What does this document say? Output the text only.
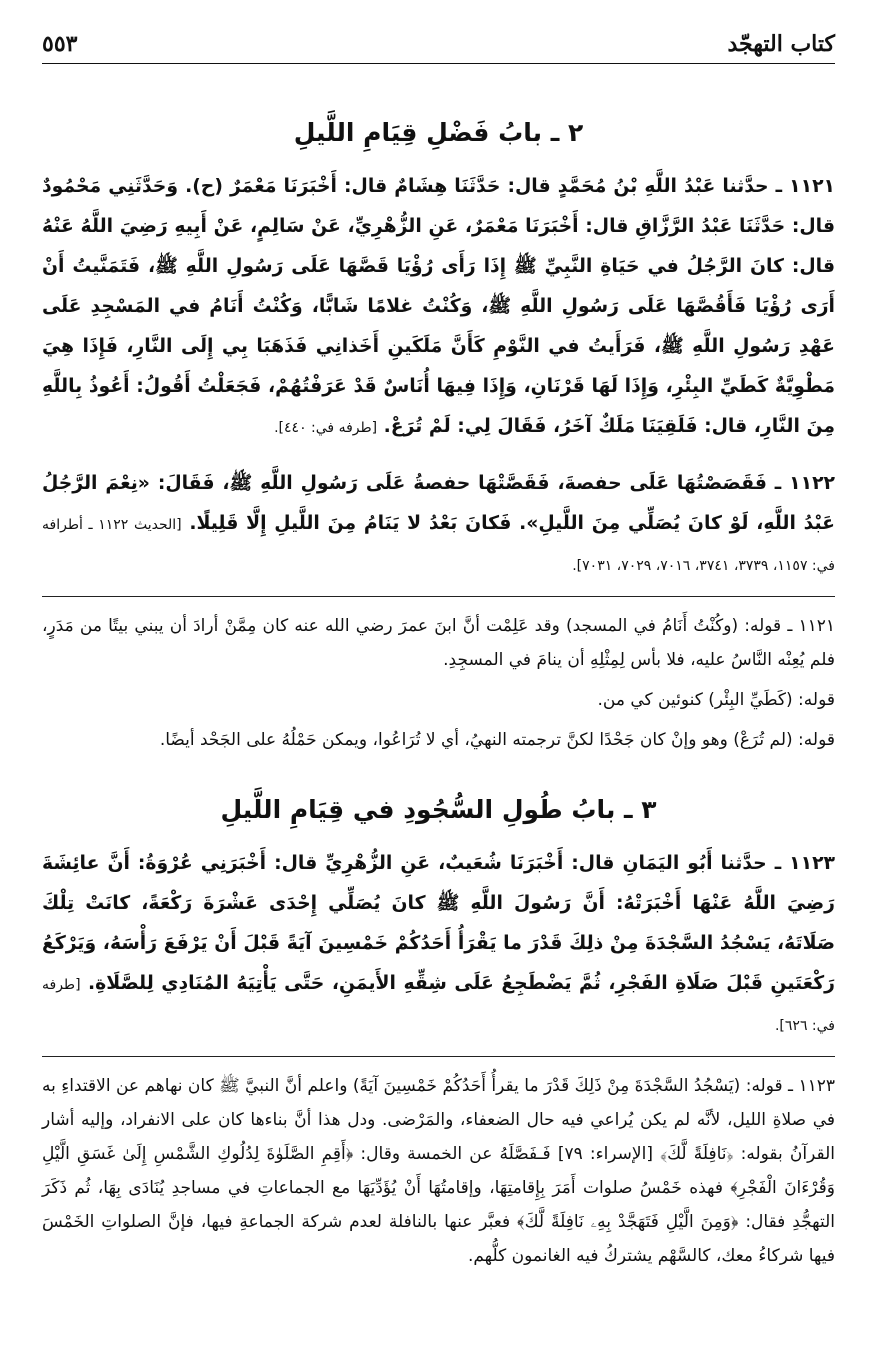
كتاب التهجّد
٥٥٣
٢ ـ بابُ فَضْلِ قِيَامِ اللَّيلِ

١١٢١ ـ حدَّثنا عَبْدُ اللَّهِ بْنُ مُحَمَّدٍ قال: حَدَّثَنَا هِشَامٌ قال: أَخْبَرَنَا مَعْمَرٌ (ح). وَحَدَّثَنِي مَحْمُودٌ قال: حَدَّثَنَا عَبْدُ الرَّزَّاقِ قال: أَخْبَرَنَا مَعْمَرٌ، عَنِ الزُّهْرِيِّ، عَنْ سَالِمٍ، عَنْ أَبِيهِ رَضِيَ اللَّهُ عَنْهُ قال: كانَ الرَّجُلُ في حَيَاةِ النَّبِيِّ ﷺ إِذَا رَأَى رُؤْيَا قَصَّهَا عَلَى رَسُولِ اللَّهِ ﷺ، فَتَمَنَّيتُ أَنْ أَرَى رُؤْيَا فَأَقُصَّهَا عَلَى رَسُولِ اللَّهِ ﷺ، وَكُنْتُ غلامًا شَابًّا، وَكُنْتُ أَنَامُ في المَسْجِدِ عَلَى عَهْدِ رَسُولِ اللَّهِ ﷺ، فَرَأَيتُ في النَّوْمِ كَأَنَّ مَلَكَينِ أَخَذانِي فَذَهَبَا بِي إِلَى النَّارِ، فَإِذَا هِيَ مَطْوِيَّةٌ كَطَيِّ البِئْرِ، وَإِذَا لَهَا قَرْنَانِ، وَإِذَا فِيهَا أُنَاسٌ قَدْ عَرَفْتُهُمْ، فَجَعَلْتُ أَقُولُ: أَعُوذُ بِاللَّهِ مِنَ النَّارِ، قال: فَلَقِيَنَا مَلَكٌ آخَرُ، فَقَالَ لِي: لَمْ تُرَعْ. [طرفه في: ٤٤٠].

١١٢٢ ـ فَقَصَصْتُهَا عَلَى حفصةَ، فَقَصَّتْهَا حفصةُ عَلَى رَسُولِ اللَّهِ ﷺ، فَقَالَ: «نِعْمَ الرَّجُلُ عَبْدُ اللَّهِ، لَوْ كانَ يُصَلِّي مِنَ اللَّيلِ». فَكانَ بَعْدُ لا يَنَامُ مِنَ اللَّيلِ إِلَّا قَلِيلًا. [الحديث ١١٢٢ ـ أطرافه في: ١١٥٧، ٣٧٣٩، ٣٧٤١، ٧٠١٦، ٧٠٢٩، ٧٠٣١].

١١٢١ ـ قوله: (وكُنْتُ أَنَامُ في المسجد) وقد عَلِمْت أنَّ ابنَ عمرَ رضي الله عنه كان مِمَّنْ أرادَ أن يبني بيتًا من مَدَرٍ، فلم يُعِنْه النَّاسُ عليه، فلا بأس لِمِثْلِهِ أن ينامَ في المسجِدِ.

قوله: (كَطَيِّ البِئْر) كنوئين كي من.

قوله: (لم تُرَعْ) وهو وإنْ كان جَحْدًا لكنَّ ترجمته النهيُ، أي لا تُرَاعُوا، ويمكن حَمْلُهُ على الجَحْد أيضًا.

٣ ـ بابُ طُولِ السُّجُودِ في قِيَامِ اللَّيلِ

١١٢٣ ـ حدَّثنا أَبُو اليَمَانِ قال: أَخْبَرَنَا شُعَيبٌ، عَنِ الزُّهْرِيِّ قال: أَخْبَرَنِي عُرْوَةُ: أَنَّ عائِشَةَ رَضِيَ اللَّهُ عَنْهَا أَخْبَرَتْهُ: أَنَّ رَسُولَ اللَّهِ ﷺ كانَ يُصَلِّي إِحْدَى عَشْرَةَ رَكْعَةً، كانَتْ تِلْكَ صَلَاتَهُ، يَسْجُدُ السَّجْدَةَ مِنْ ذلِكَ قَدْرَ ما يَقْرَأُ أَحَدُكُمْ خَمْسِينَ آيَةً قَبْلَ أَنْ يَرْفَعَ رَأْسَهُ، وَيَرْكَعُ رَكْعَتَينِ قَبْلَ صَلَاةِ الفَجْرِ، ثُمَّ يَضْطَجِعُ عَلَى شِقِّهِ الأَيمَنِ، حَتَّى يَأْتِيَهُ المُنَادِي لِلصَّلَاةِ. [طرفه في: ٦٢٦].

١١٢٣ ـ قوله: (يَسْجُدُ السَّجْدَةَ مِنْ ذَلِكَ قَدْرَ ما يقرأُ أَحَدُكُمْ خَمْسِينَ آيَةً) واعلم أنَّ النبيَّ ﷺ كان نهاهم عن الاقتداءِ به في صلاةِ الليل، لأنَّه لم يكن يُراعي فيه حال الضعفاء، والمَرْضى. ودل هذا أنَّ بناءها كان على الانفراد، وإليه أشار القرآنُ بقوله: ﴿نَافِلَةً لَّكَ﴾ [الإسراء: ٧٩] فَـفَصَّلَهُ عن الخمسة وقال: ﴿أَقِمِ الصَّلَوٰةَ لِدُلُوكِ الشَّمْسِ إِلَىٰ غَسَقِ الَّيْلِ وَقُرْءَانَ الْفَجْرِ﴾ فهذه خَمْسُ صلوات أَمَرَ بِإِقامتِهَا، وإقامتُهَا أَنْ يُؤَدِّيَهَا مع الجماعاتِ في مساجدِ يُنَادَى بِهَا، ثُم ذَكَرَ التهجُّدِ فقال: ﴿وَمِنَ الَّيْلِ فَتَهَجَّدْ بِهِۦ نَافِلَةً لَّكَ﴾ فعبَّر عنها بالنافلة لعدم شركة الجماعةِ فيها، فإنَّ الصلواتِ الخَمْسَ فيها شركاءُ معك، كالسَّهْم يشتركُ فيه الغانمون كلُّهم.
